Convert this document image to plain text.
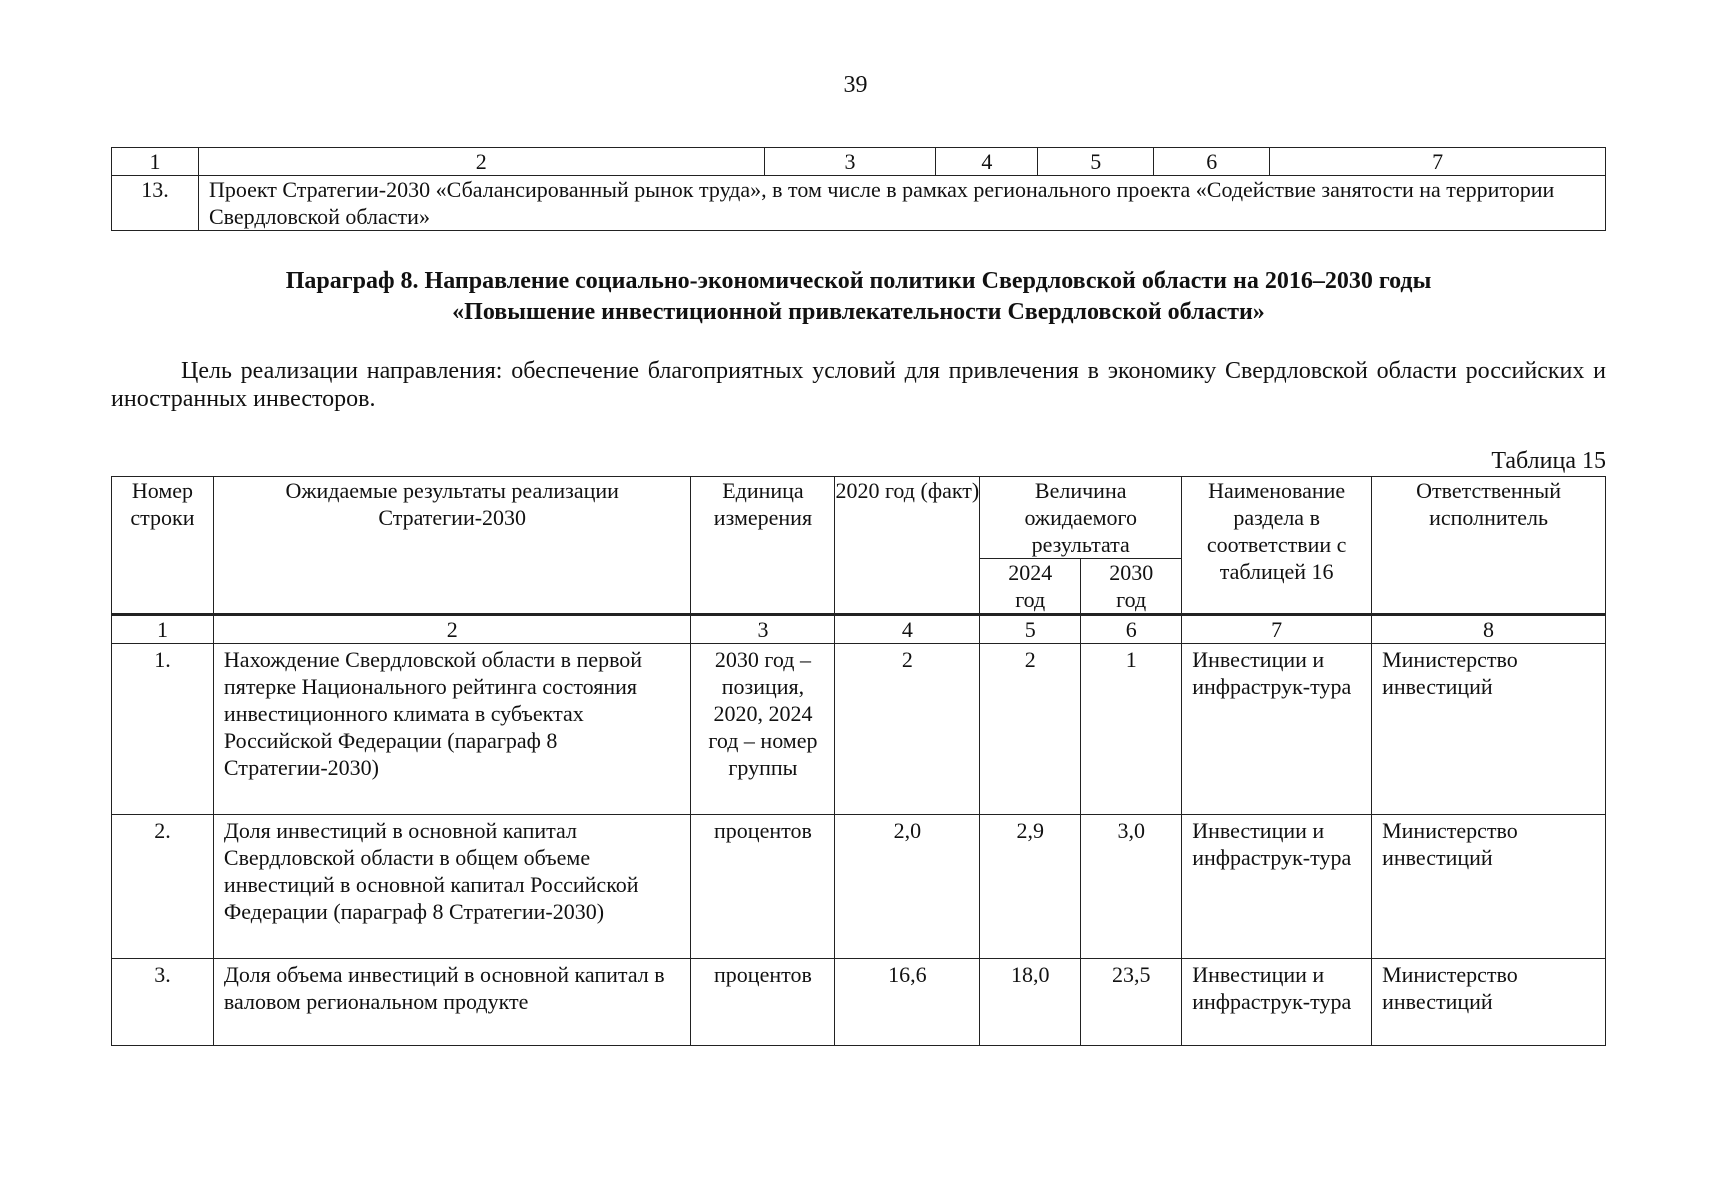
39
1	2	3	4	5	6	7
13.	Проект Стратегии-2030 «Сбалансированный рынок труда», в том числе в рамках регионального проекта «Содействие занятости на территории Свердловской области»					
Параграф 8. Направление социально-экономической политики Свердловской области на 2016–2030 годы
«Повышение инвестиционной привлекательности Свердловской области»
Цель реализации направления: обеспечение благоприятных условий для привлечения в экономику Свердловской области российских и иностранных инвесторов.
Таблица 15
Номер строки	Ожидаемые результаты реализации Стратегии-2030	Единица измерения	2020 год (факт)	Величина ожидаемого результата		Наименование раздела в соответствии с таблицей 16	Ответственный исполнитель
				2024 год	2030 год		
1	2	3	4	5	6	7	8
1.	Нахождение Свердловской области в первой пятерке Национального рейтинга состояния инвестиционного климата в субъектах Российской Федерации (параграф 8 Стратегии-2030)	2030 год – позиция, 2020, 2024 год – номер группы	2	2	1	Инвестиции и инфраструк-тура	Министерство инвестиций
2.	Доля инвестиций в основной капитал Свердловской области в общем объеме инвестиций в основной капитал Российской Федерации (параграф 8 Стратегии-2030)	процентов	2,0	2,9	3,0	Инвестиции и инфраструк-тура	Министерство инвестиций
3.	Доля объема инвестиций в основной капитал в валовом региональном продукте	процентов	16,6	18,0	23,5	Инвестиции и инфраструк-тура	Министерство инвестиций
